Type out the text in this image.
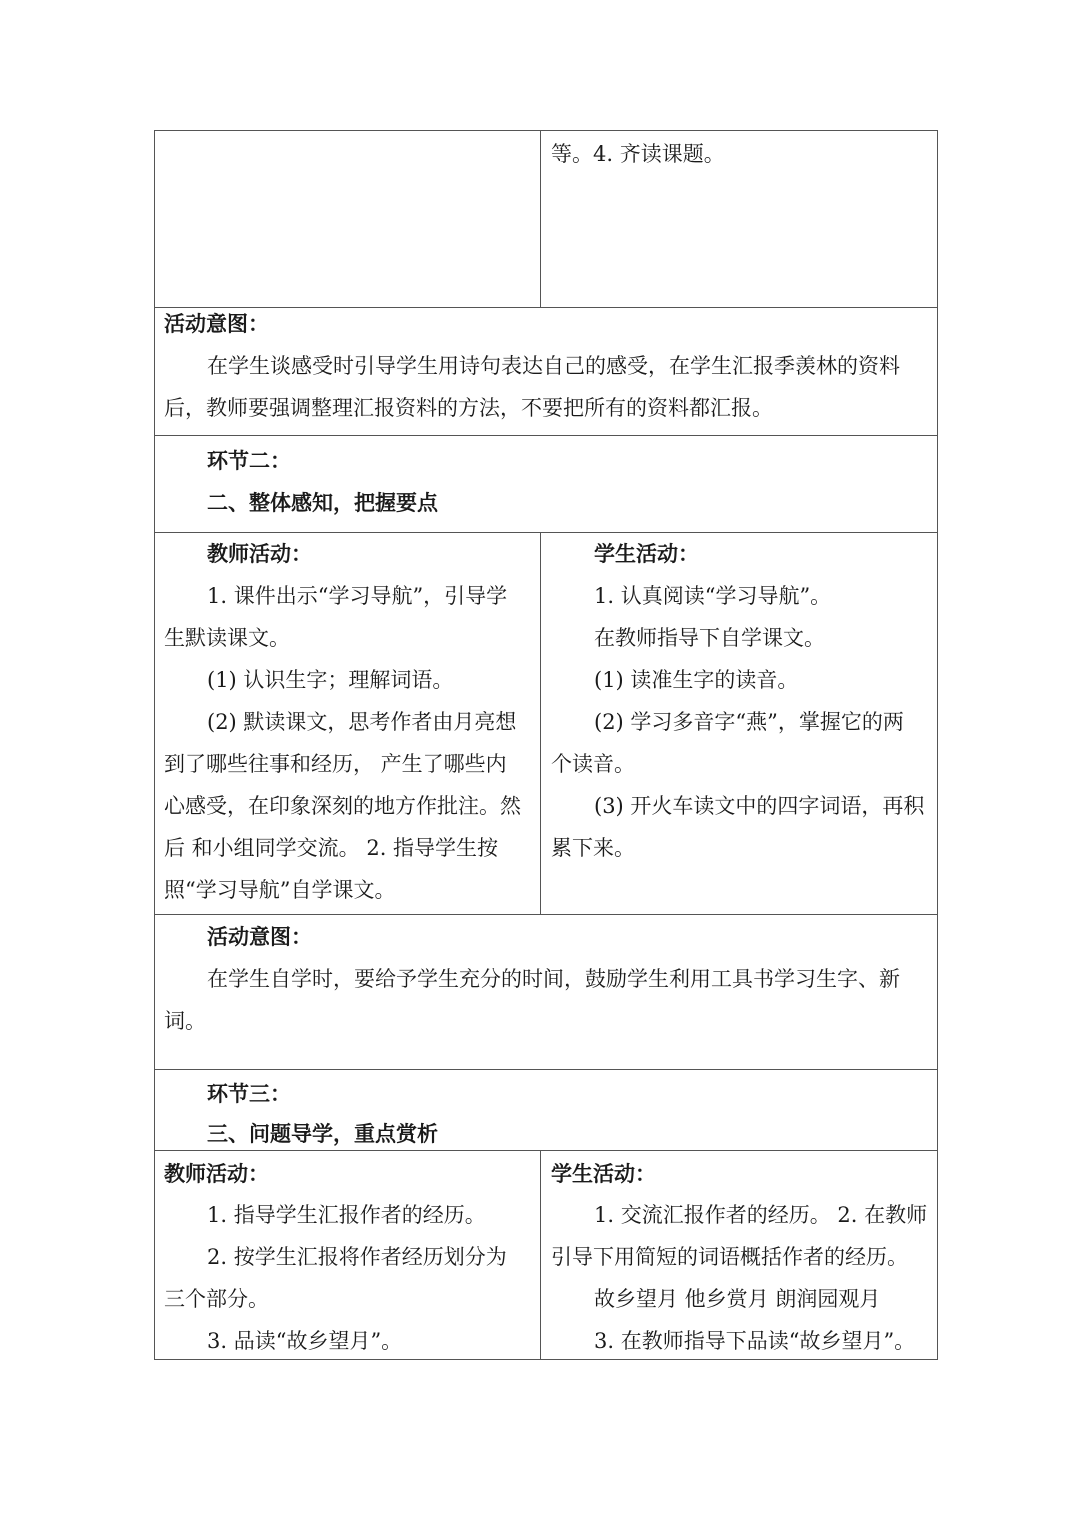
等。4. 齐读课题。

活动意图：

在学生谈感受时引导学生用诗句表达自己的感受，在学生汇报季羡林的资料

后，教师要强调整理汇报资料的方法，不要把所有的资料都汇报。

环节二：

二、整体感知，把握要点

教师活动：

1. 课件出示“学习导航”，引导学

生默读课文。

(1) 认识生字；理解词语。

(2) 默读课文，思考作者由月亮想

到了哪些往事和经历， 产生了哪些内

心感受，在印象深刻的地方作批注。然

后 和小组同学交流。 2. 指导学生按

照“学习导航”自学课文。

学生活动：

1. 认真阅读“学习导航”。

在教师指导下自学课文。

(1) 读准生字的读音。

(2) 学习多音字“燕”，掌握它的两

个读音。

(3) 开火车读文中的四字词语，再积

累下来。

活动意图：

在学生自学时，要给予学生充分的时间，鼓励学生利用工具书学习生字、新

词。

环节三：

三、问题导学，重点赏析

教师活动：

1. 指导学生汇报作者的经历。

2. 按学生汇报将作者经历划分为

三个部分。

3. 品读“故乡望月”。

学生活动：

1. 交流汇报作者的经历。 2. 在教师

引导下用简短的词语概括作者的经历。

故乡望月 他乡赏月 朗润园观月

3. 在教师指导下品读“故乡望月”。
